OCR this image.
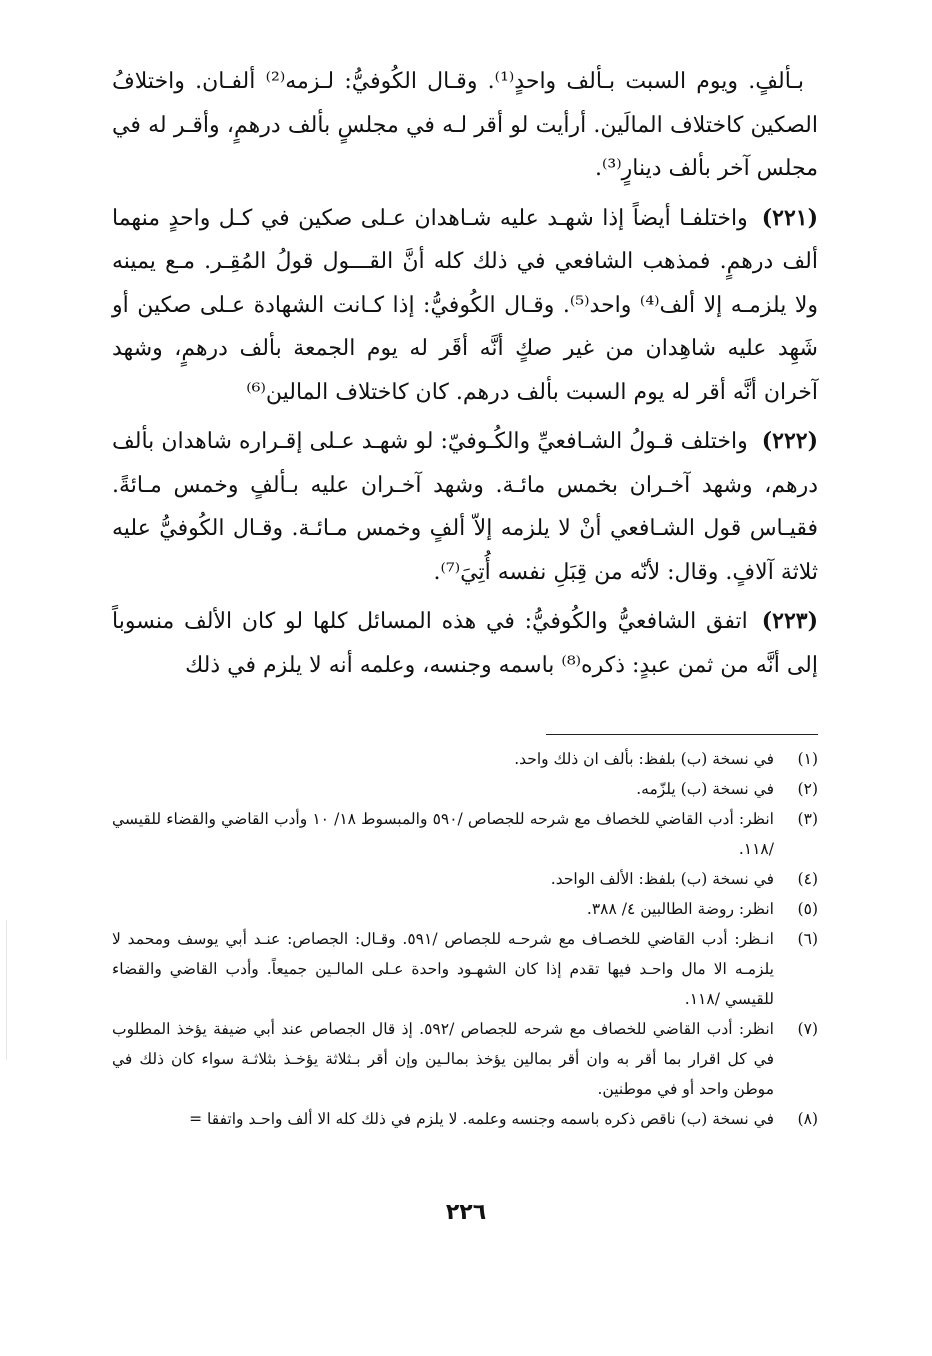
بـألفٍ. ويوم السبت بـألف واحدٍ⁽¹⁾. وقـال الكُوفيُّ: لـزمه⁽²⁾ ألفـان. واختلافُ الصكين كاختلاف المالَين. أرأيت لو أقر لـه في مجلسٍ بألف درهمٍ، وأقـر له في مجلس آخر بألف دينارٍ⁽³⁾.

(٢٢١)واختلفـا أيضاً إذا شهـد عليه شـاهدان عـلى صكين في كـل واحدٍ منهما ألف درهمٍ. فمذهب الشافعي في ذلك كله أنَّ القـــول قولُ المُقِـر. مـع يمينه ولا يلزمـه إلا ألف⁽⁴⁾ واحد⁽⁵⁾. وقـال الكُوفيُّ: إذا كـانت الشهادة عـلى صكين أو شَهِد عليه شاهِدان من غير صكٍ أنَّه أقَر له يوم الجمعة بألف درهمٍ، وشهد آخران أنَّه أقر له يوم السبت بألف درهم. كان كاختلاف المالين⁽⁶⁾

(٢٢٢)واختلف قـولُ الشـافعيِّ والكُـوفيّ: لو شهـد عـلى إقـراره شاهدان بألف درهم، وشهد آخـران بخمس مائـة. وشهد آخـران عليه بـألفٍ وخمس مـائةً. فقيـاس قول الشـافعي أنْ لا يلزمه إلاّ ألفٍ وخمس مـائـة. وقـال الكُوفيُّ عليه ثلاثة آلافٍ. وقال: لأنّه من قِبَلِ نفسه أُتِيَ⁽⁷⁾.

(٢٢٣)اتفق الشافعيُّ والكُوفيُّ: في هذه المسائل كلها لو كان الألف منسوباً إلى أنَّه من ثمن عبدٍ: ذكره⁽⁸⁾ باسمه وجنسه، وعلمه أنه لا يلزم في ذلك

(١)
في نسخة (ب) بلفظ: بألف ان ذلك واحد.
(٢)
في نسخة (ب) يلزّمه.
(٣)
انظر: أدب القاضي للخصاف مع شرحه للجصاص /٥٩٠ والمبسوط ١٨/ ١٠ وأدب القاضي والقضاء للقيسي /١١٨.
(٤)
في نسخة (ب) بلفظ: الألف الواحد.
(٥)
انظر: روضة الطالبين ٤/ ٣٨٨.
(٦)
انـظر: أدب القاضي للخصـاف مع شرحـه للجصاص /٥٩١. وقـال: الجصاص: عنـد أبي يوسف ومحمد لا يلزمـه الا مال واحـد فيها تقدم إذا كان الشهـود واحدة عـلى المالـين جميعاً. وأدب القاضي والقضاء للقيسي /١١٨.
(٧)
انظر: أدب القاضي للخصاف مع شرحه للجصاص /٥٩٢. إذ قال الجصاص عند أبي ضيفة يؤخذ المطلوب في كل اقرار بما أقر به وان أقر بمالين يؤخذ بمالـين وإن أقر بـثلاثة يؤخـذ بثلاثـة سواء كان ذلك في موطن واحد أو في موطنين.
(٨)
في نسخة (ب) ناقص ذكره باسمه وجنسه وعلمه. لا يلزم في ذلك كله الا ألف واحـد واتفقا =
٢٢٦
